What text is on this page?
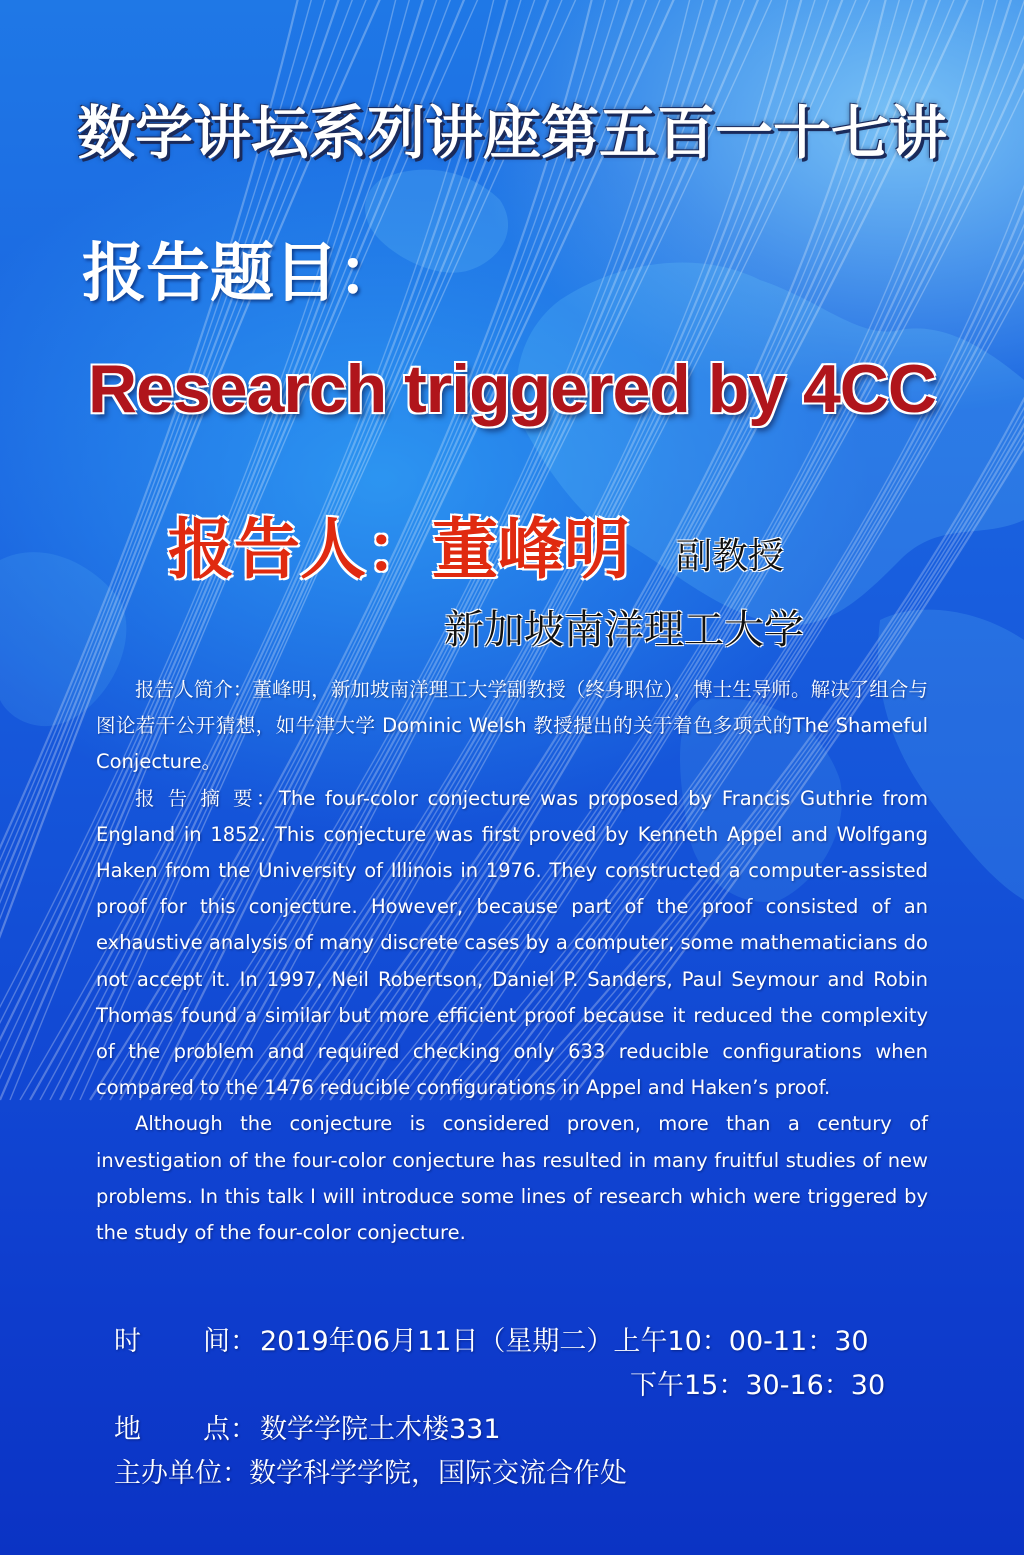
数学讲坛系列讲座第五百一十七讲
报告题目：
Research triggered by 4CC
报告人：董峰明 副教授
新加坡南洋理工大学

报告人简介：董峰明，新加坡南洋理工大学副教授（终身职位），博士生导师。解决了组合与图论若干公开猜想，如牛津大学 Dominic Welsh 教授提出的关于着色多项式的The Shameful Conjecture。

报 告 摘 要：The four-color conjecture was proposed by Francis Guthrie from England in 1852. This conjecture was first proved by Kenneth Appel and Wolfgang Haken from the University of Illinois in 1976. They constructed a computer-assisted proof for this conjecture. However, because part of the proof consisted of an exhaustive analysis of many discrete cases by a computer, some mathematicians do not accept it. In 1997, Neil Robertson, Daniel P. Sanders, Paul Seymour and Robin Thomas found a similar but more efficient proof because it reduced the complexity of the problem and required checking only 633 reducible configurations when compared to the 1476 reducible configurations in Appel and Haken’s proof.

Although the conjecture is considered proven, more than a century of investigation of the four-color conjecture has resulted in many fruitful studies of new problems. In this talk I will introduce some lines of research which were triggered by the study of the four-color conjecture.

时 间： 2019年06月11日（星期二）上午10：00-11：30
下午15：30-16：30
地 点： 数学学院土木楼331
主办单位：数学科学学院，国际交流合作处
